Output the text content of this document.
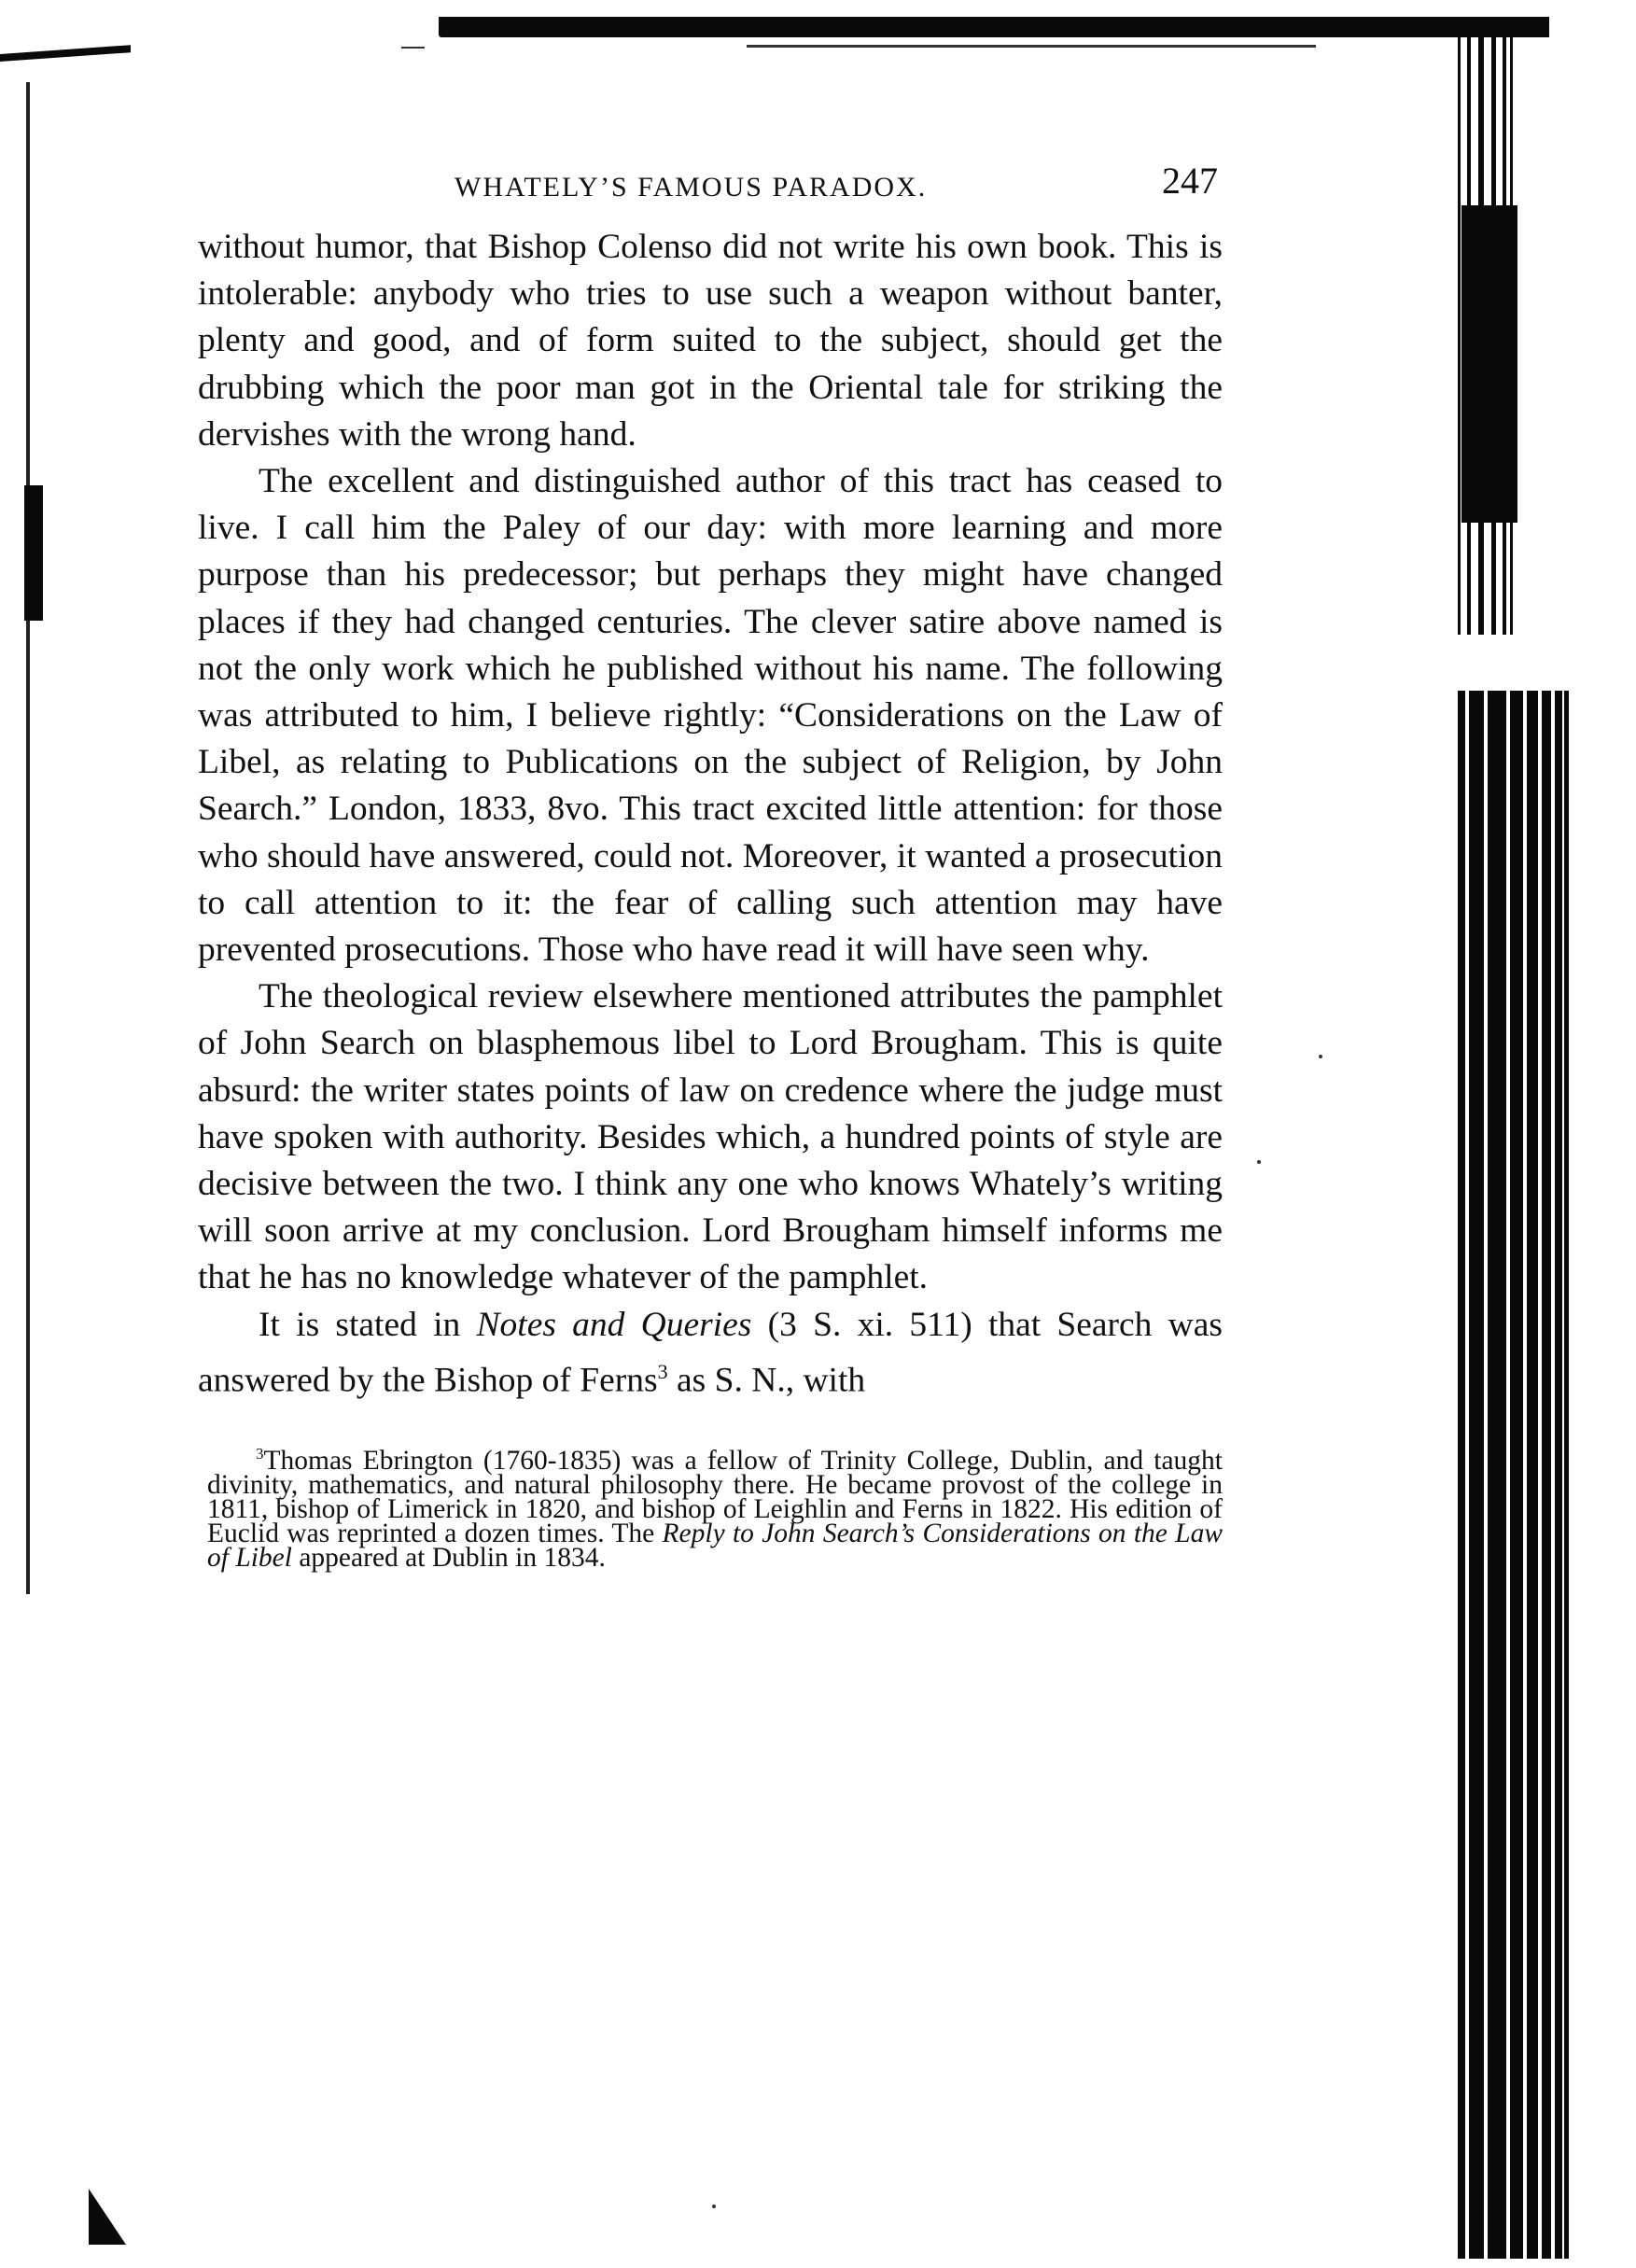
WHATELY’S FAMOUS PARADOX.	247

without humor, that Bishop Colenso did not write his own book. This is intolerable: anybody who tries to use such a weapon without banter, plenty and good, and of form suited to the subject, should get the drubbing which the poor man got in the Oriental tale for striking the dervishes with the wrong hand.

The excellent and distinguished author of this tract has ceased to live. I call him the Paley of our day: with more learning and more purpose than his predecessor; but perhaps they might have changed places if they had changed centuries. The clever satire above named is not the only work which he published without his name. The following was attributed to him, I believe rightly: “Considerations on the Law of Libel, as relating to Publications on the subject of Religion, by John Search.” London, 1833, 8vo. This tract excited little attention: for those who should have answered, could not. Moreover, it wanted a prosecution to call attention to it: the fear of calling such attention may have prevented prosecutions. Those who have read it will have seen why.

The theological review elsewhere mentioned attributes the pamphlet of John Search on blasphemous libel to Lord Brougham. This is quite absurd: the writer states points of law on credence where the judge must have spoken with authority. Besides which, a hundred points of style are decisive between the two. I think any one who knows Whately’s writing will soon arrive at my conclusion. Lord Brougham himself informs me that he has no knowledge whatever of the pamphlet.

It is stated in Notes and Queries (3 S. xi. 511) that Search was answered by the Bishop of Ferns$^3$ as S. N., with

$^3$Thomas Ebrington (1760-1835) was a fellow of Trinity College, Dublin, and taught divinity, mathematics, and natural philosophy there. He became provost of the college in 1811, bishop of Limerick in 1820, and bishop of Leighlin and Ferns in 1822. His edition of Euclid was reprinted a dozen times. The Reply to John Search’s Considerations on the Law of Libel appeared at Dublin in 1834.
